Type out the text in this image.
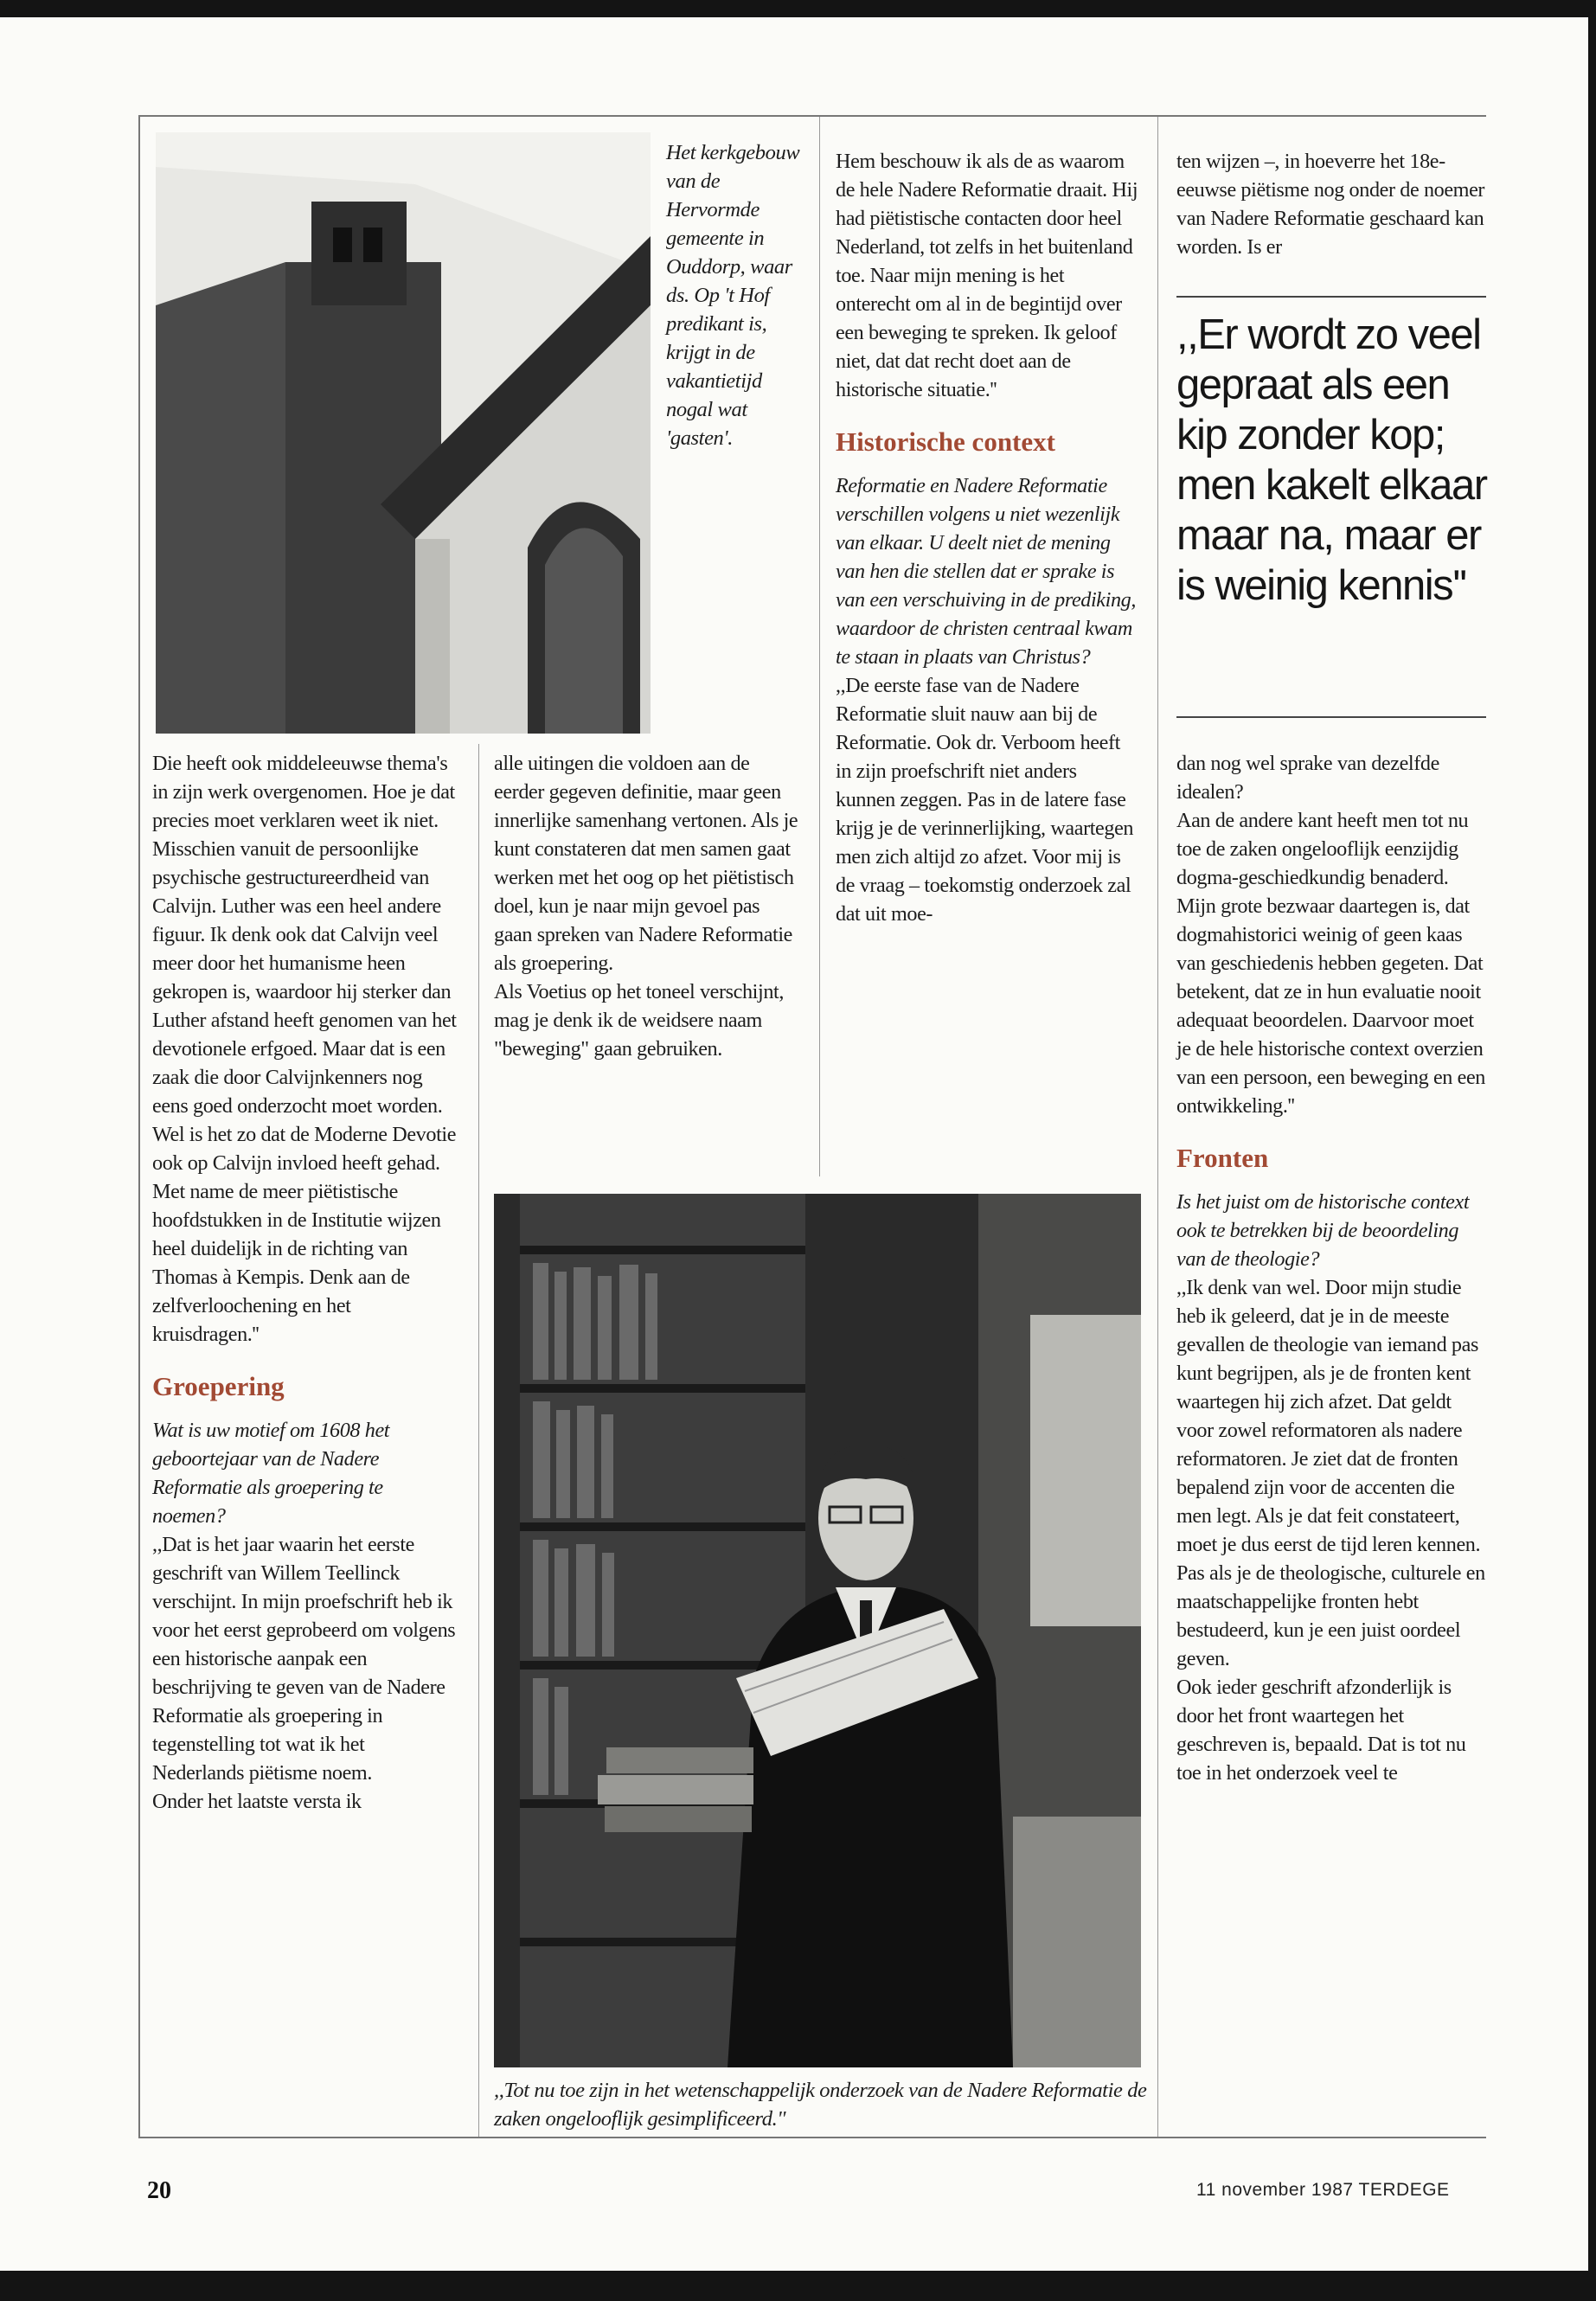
Het kerkgebouw van de Hervormde gemeente in Ouddorp, waar ds. Op 't Hof predikant is, krijgt in de vakantietijd nogal wat 'gasten'.

Die heeft ook middeleeuwse thema's in zijn werk overgenomen. Hoe je dat precies moet verklaren weet ik niet. Misschien vanuit de persoonlijke psychische gestructureerdheid van Calvijn. Luther was een heel andere figuur. Ik denk ook dat Calvijn veel meer door het humanisme heen gekropen is, waardoor hij sterker dan Luther afstand heeft genomen van het devotionele erfgoed. Maar dat is een zaak die door Calvijnkenners nog eens goed onderzocht moet worden. Wel is het zo dat de Moderne Devotie ook op Calvijn invloed heeft gehad. Met name de meer piëtistische hoofdstukken in de Institutie wijzen heel duidelijk in de richting van Thomas à Kempis. Denk aan de zelfverloochening en het kruisdragen.''

Groepering

Wat is uw motief om 1608 het geboortejaar van de Nadere Reformatie als groepering te noemen?

,,Dat is het jaar waarin het eerste geschrift van Willem Teellinck verschijnt. In mijn proefschrift heb ik voor het eerst geprobeerd om volgens een historische aanpak een beschrijving te geven van de Nadere Reformatie als groepering in tegenstelling tot wat ik het Nederlands piëtisme noem.

Onder het laatste versta ik

alle uitingen die voldoen aan de eerder gegeven definitie, maar geen innerlijke samenhang vertonen. Als je kunt constateren dat men samen gaat werken met het oog op het piëtistisch doel, kun je naar mijn gevoel pas gaan spreken van Nadere Reformatie als groepering.

Als Voetius op het toneel verschijnt, mag je denk ik de weidsere naam "beweging" gaan gebruiken.

Hem beschouw ik als de as waarom de hele Nadere Reformatie draait. Hij had piëtistische contacten door heel Nederland, tot zelfs in het buitenland toe. Naar mijn mening is het onterecht om al in de begintijd over een beweging te spreken. Ik geloof niet, dat dat recht doet aan de historische situatie.''

Historische context

Reformatie en Nadere Reformatie verschillen volgens u niet wezenlijk van elkaar. U deelt niet de mening van hen die stellen dat er sprake is van een verschuiving in de prediking, waardoor de christen centraal kwam te staan in plaats van Christus?

,,De eerste fase van de Nadere Reformatie sluit nauw aan bij de Reformatie. Ook dr. Verboom heeft in zijn proefschrift niet anders kunnen zeggen. Pas in de latere fase krijg je de verinnerlijking, waartegen men zich altijd zo afzet. Voor mij is de vraag – toekomstig onderzoek zal dat uit moe-

,,Tot nu toe zijn in het wetenschappelijk onderzoek van de Nadere Reformatie de zaken ongelooflijk gesimplificeerd.''

ten wijzen –, in hoeverre het 18e-eeuwse piëtisme nog onder de noemer van Nadere Reformatie geschaard kan worden. Is er

,,Er wordt zo veel gepraat als een kip zonder kop; men kakelt elkaar maar na, maar er is weinig kennis''

dan nog wel sprake van dezelfde idealen?

Aan de andere kant heeft men tot nu toe de zaken ongelooflijk eenzijdig dogma-geschiedkundig benaderd. Mijn grote bezwaar daartegen is, dat dogmahistorici weinig of geen kaas van geschiedenis hebben gegeten. Dat betekent, dat ze in hun evaluatie nooit adequaat beoordelen. Daarvoor moet je de hele historische context overzien van een persoon, een beweging en een ontwikkeling.''

Fronten

Is het juist om de historische context ook te betrekken bij de beoordeling van de theologie?

,,Ik denk van wel. Door mijn studie heb ik geleerd, dat je in de meeste gevallen de theologie van iemand pas kunt begrijpen, als je de fronten kent waartegen hij zich afzet. Dat geldt voor zowel reformatoren als nadere reformatoren. Je ziet dat de fronten bepalend zijn voor de accenten die men legt. Als je dat feit constateert, moet je dus eerst de tijd leren kennen. Pas als je de theologische, culturele en maatschappelijke fronten hebt bestudeerd, kun je een juist oordeel geven.

Ook ieder geschrift afzonderlijk is door het front waartegen het geschreven is, bepaald. Dat is tot nu toe in het onderzoek veel te

20	11 november 1987 TERDEGE
